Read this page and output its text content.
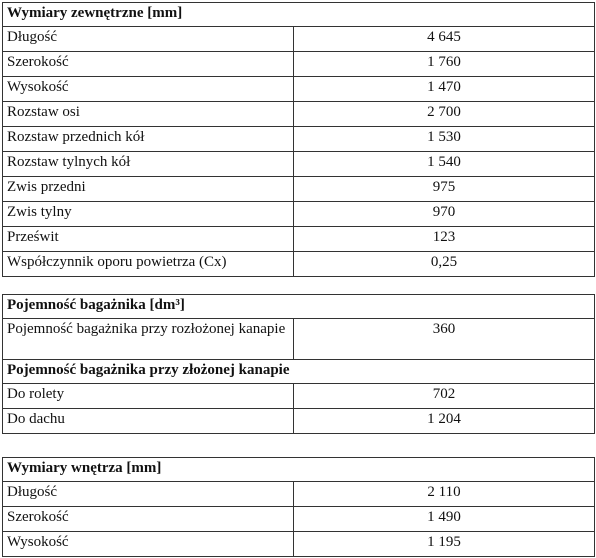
Wymiary zewnętrzne [mm]	
Długość	4 645
Szerokość	1 760
Wysokość	1 470
Rozstaw osi	2 700
Rozstaw przednich kół	1 530
Rozstaw tylnych kół	1 540
Zwis przedni	975
Zwis tylny	970
Prześwit	123
Współczynnik oporu powietrza (Cx)	0,25
Pojemność bagażnika [dm³]	
Pojemność bagażnika przy rozłożonej kanapie	360
Pojemność bagażnika przy złożonej kanapie	
Do rolety	702
Do dachu	1 204
Wymiary wnętrza [mm]	
Długość	2 110
Szerokość	1 490
Wysokość	1 195
